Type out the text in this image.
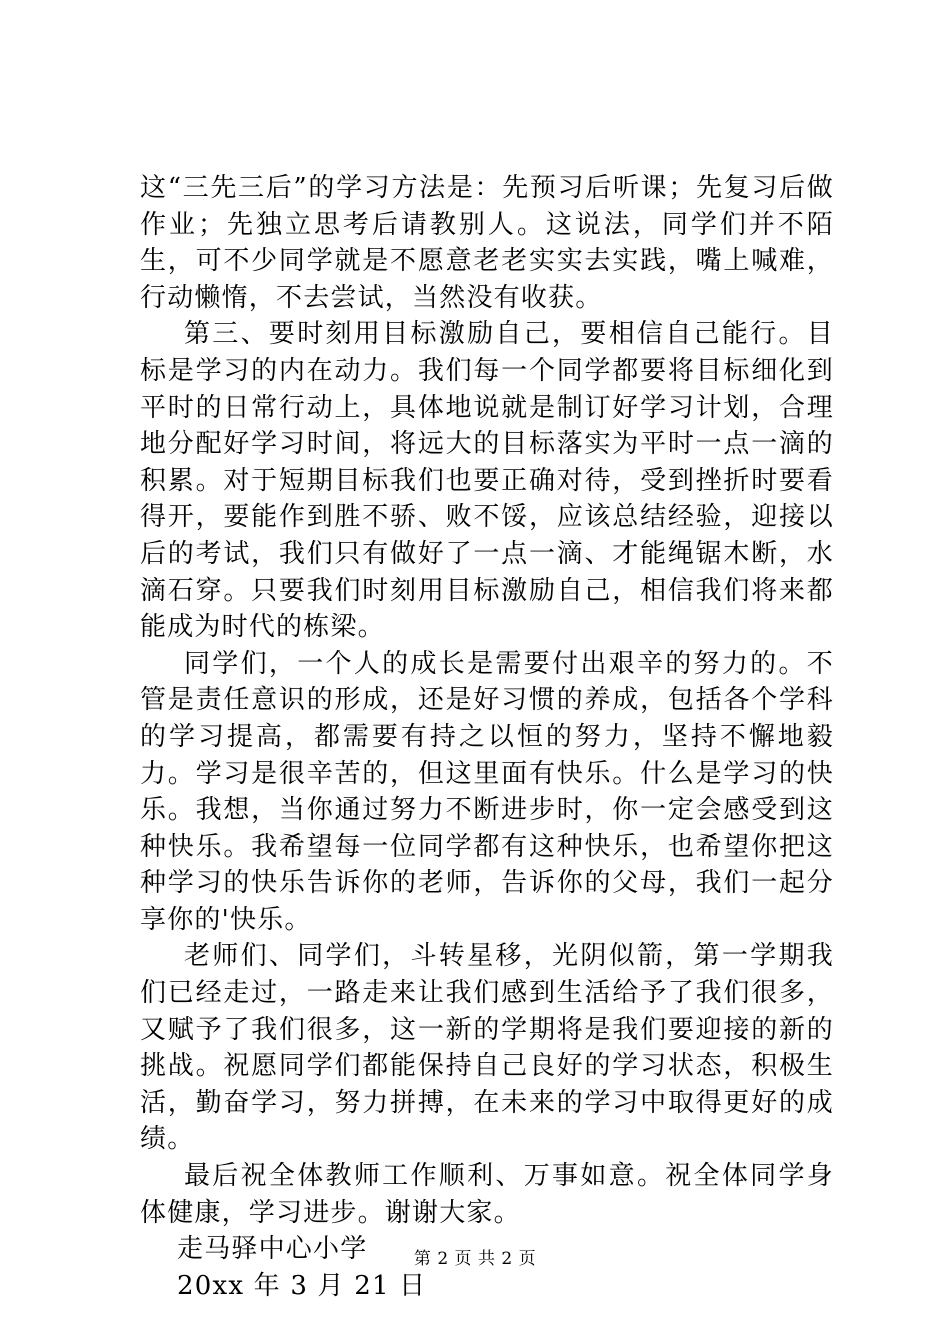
这“三先三后”的学习方法是：先预习后听课；先复习后做作业；先独立思考后请教别人。这说法，同学们并不陌生，可不少同学就是不愿意老老实实去实践，嘴上喊难，行动懒惰，不去尝试，当然没有收获。

第三、要时刻用目标激励自己，要相信自己能行。目标是学习的内在动力。我们每一个同学都要将目标细化到平时的日常行动上，具体地说就是制订好学习计划，合理地分配好学习时间，将远大的目标落实为平时一点一滴的积累。对于短期目标我们也要正确对待，受到挫折时要看得开，要能作到胜不骄、败不馁，应该总结经验，迎接以后的考试，我们只有做好了一点一滴、才能绳锯木断，水滴石穿。只要我们时刻用目标激励自己，相信我们将来都能成为时代的栋梁。

同学们，一个人的成长是需要付出艰辛的努力的。不管是责任意识的形成，还是好习惯的养成，包括各个学科的学习提高，都需要有持之以恒的努力，坚持不懈地毅力。学习是很辛苦的，但这里面有快乐。什么是学习的快乐。我想，当你通过努力不断进步时，你一定会感受到这种快乐。我希望每一位同学都有这种快乐，也希望你把这种学习的快乐告诉你的老师，告诉你的父母，我们一起分享你的'快乐。

老师们、同学们，斗转星移，光阴似箭，第一学期我们已经走过，一路走来让我们感到生活给予了我们很多，又赋予了我们很多，这一新的学期将是我们要迎接的新的挑战。祝愿同学们都能保持自己良好的学习状态，积极生活，勤奋学习，努力拼搏，在未来的学习中取得更好的成绩。

最后祝全体教师工作顺利、万事如意。祝全体同学身体健康，学习进步。谢谢大家。

走马驿中心小学

20xx 年 3 月 21 日

第 2 页 共 2 页
